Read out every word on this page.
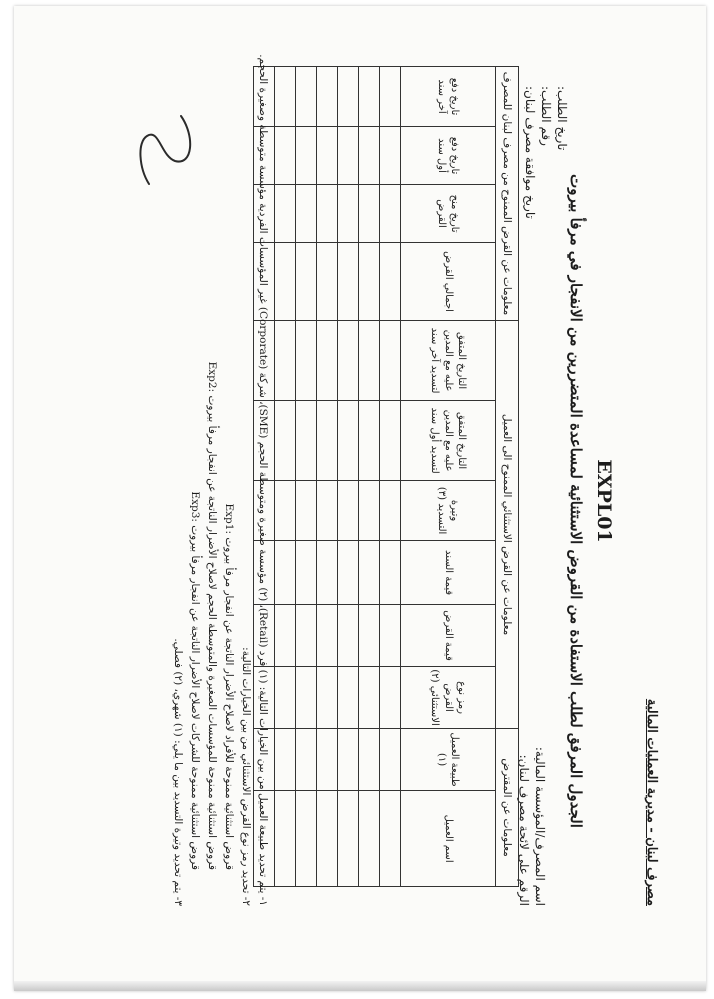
مصرف لبنان - مديرية العمليات المالية
EXPL01
الجدول المرفق لطلب الاستفادة من القروض الاستثنائية لمساعدة المتضررين من الانفجار في مرفأ بيروت
تاريخ الطلب:
رقم الطلب:
تاريخ موافقة مصرف لبنان:
اسم المصرف/المؤسسة المالية:
الرقم على لائحة مصرف لبنان:
معلومات عن المقترض		معلومات عن القرض الاستثنائي الممنوح الى العميل						معلومات عن القرض الممنوح من مصرف لبنان للمصرف			
اسم العميل	طبيعة العميل (١)	رمز نوع القرض الاستثنائي (٢)	قيمة القرض	قيمة السند	وتيرة التسديد (٣)	التاريخ المتفق عليه مع المدين لتسديد أول سند	التاريخ المتفق عليه مع المدين لتسديد آخر سند	اجمالي القرض	تاريخ منح القرض	تاريخ دفع أول سند	تاريخ دفع آخر سند

١- يتم تحديد طبيعة العميل من بين الخيارات التالية: (١) فرد (Retail)، (٢) مؤسسة صغيرة ومتوسطة الحجم (SME)، شركة (Corporate) غير المؤسسات الفردية مؤسسة متوسطة وصغيرة الحجم.
٢- تحديد رمز نوع القرض الاستثنائي من بين الخيارات التالية:
Exp1: قروض استثنائية ممنوحة للأفراد لاصلاح الأضرار الناتجة عن انفجار مرفأ بيروت
Exp2: قروض استثنائية ممنوحة للمؤسسات الصغيرة والمتوسطة الحجم لاصلاح الأضرار الناتجة عن انفجار مرفأ بيروت
Exp3: قروض استثنائية ممنوحة للشركات لاصلاح الأضرار الناتجة عن انفجار مرفأ بيروت
٣- يتم تحديد وتيرة التسديد بين ما يلي: (١) شهري، (٢) فصلي.
